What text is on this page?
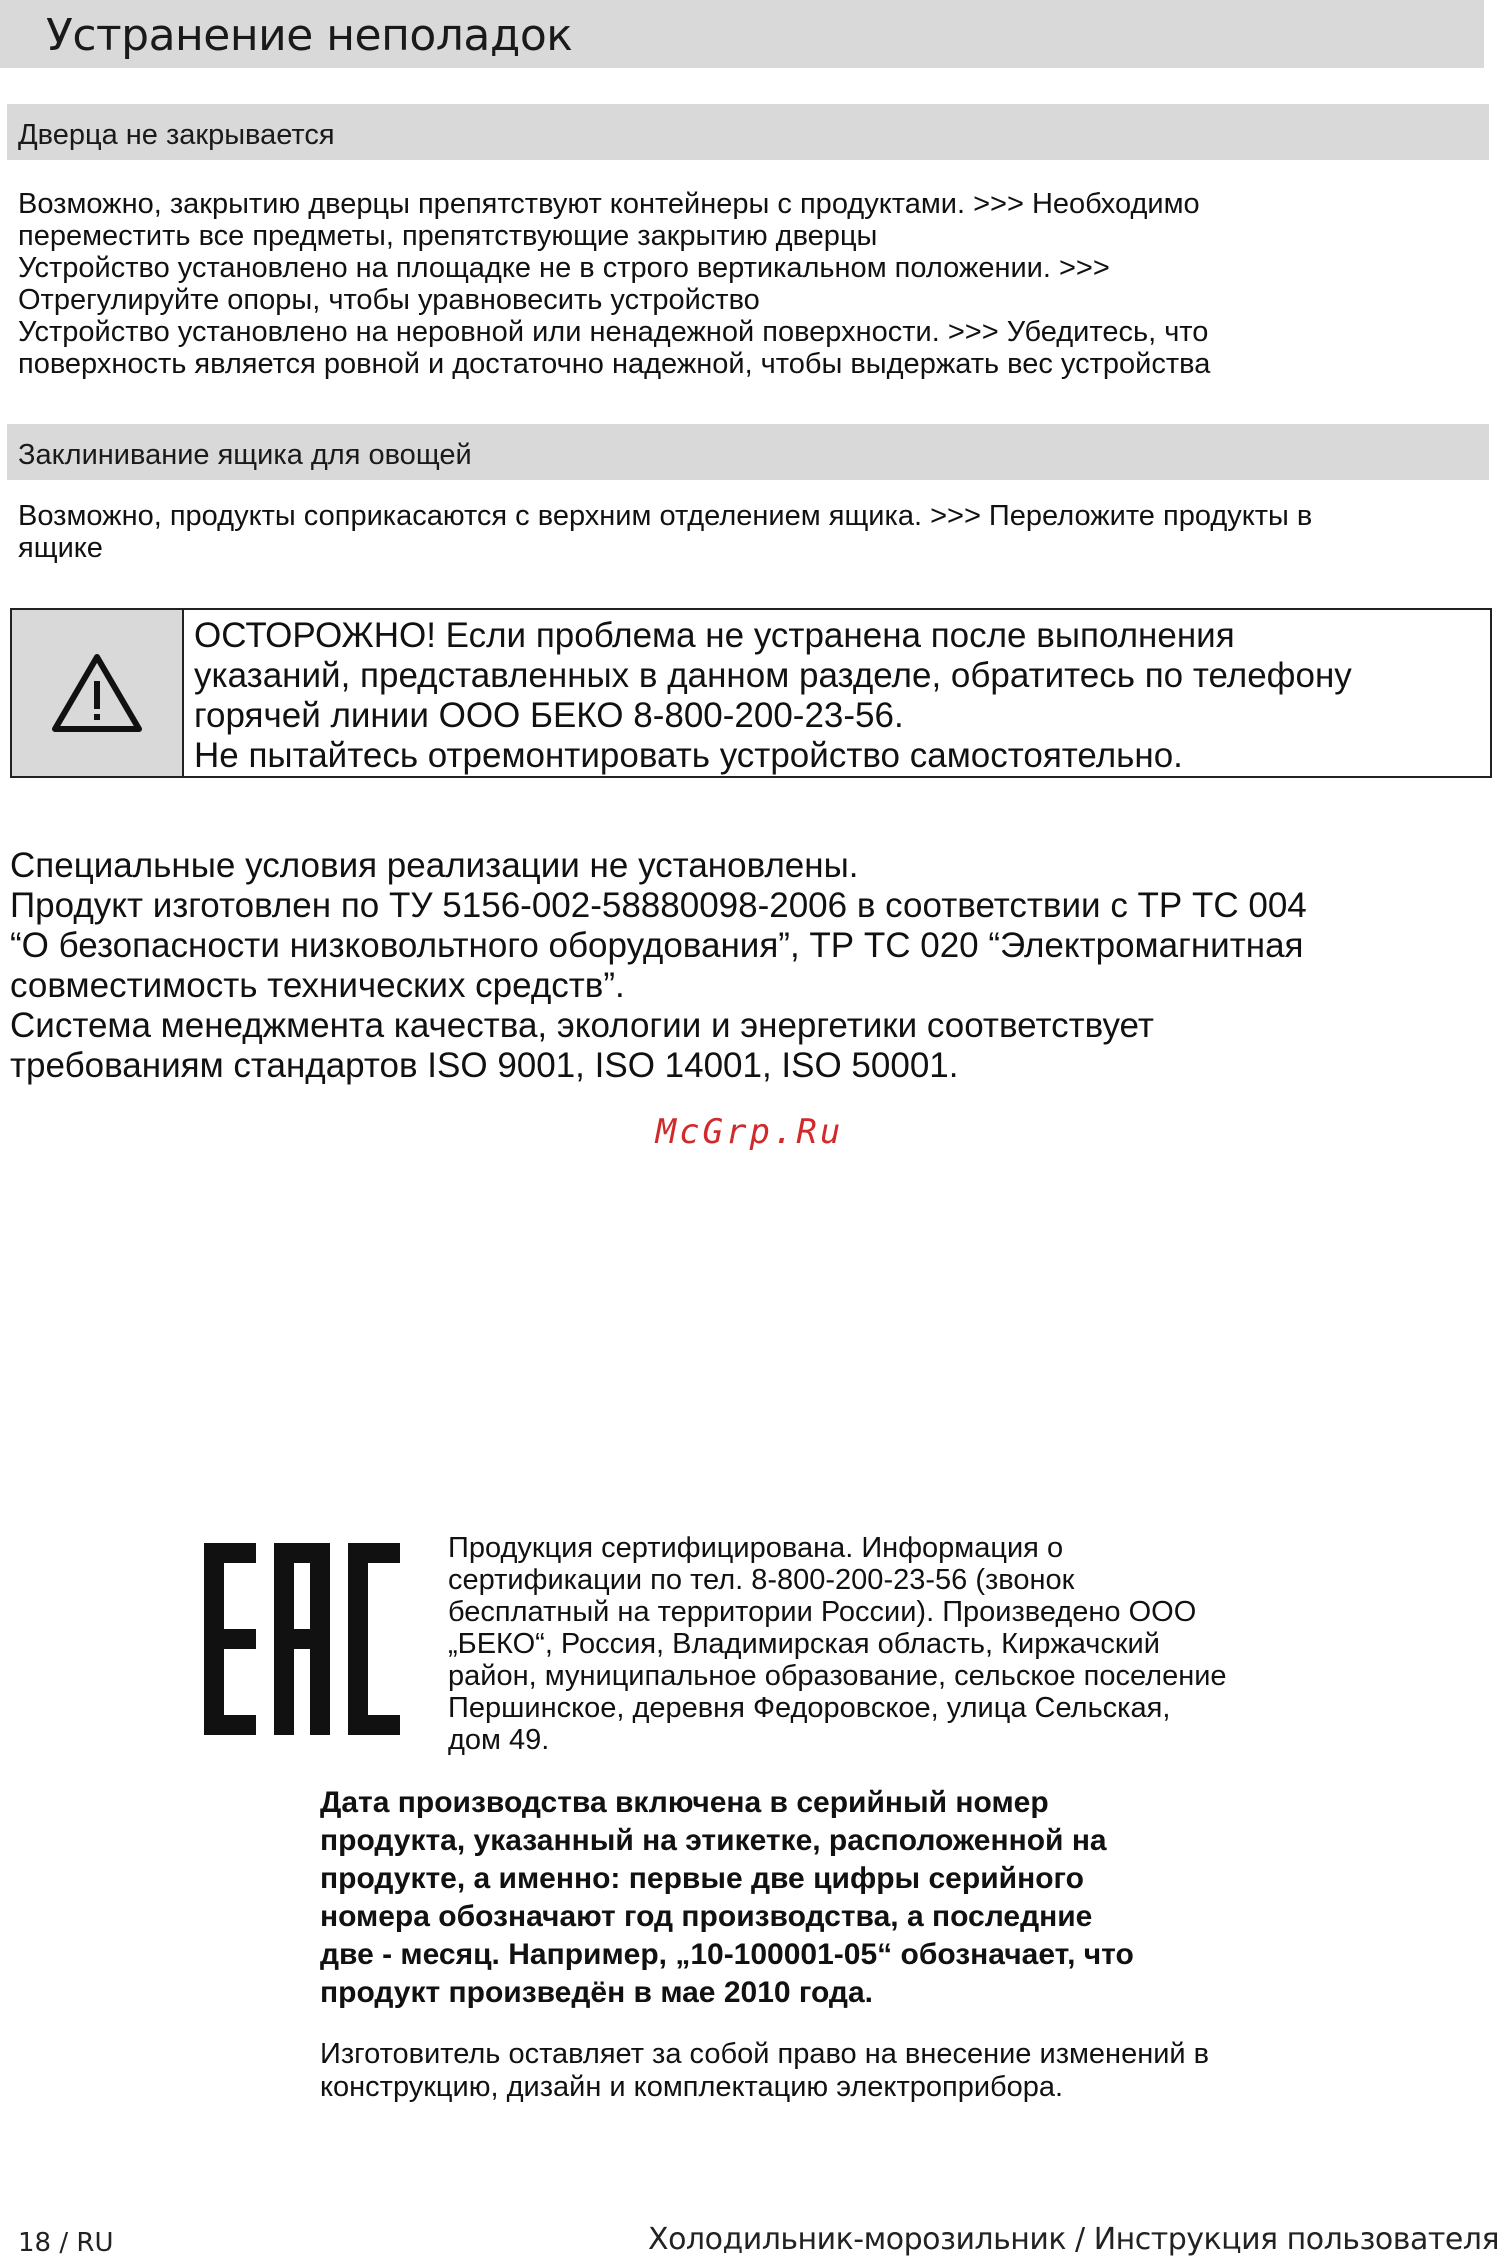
Устранение неполадок
Дверца не закрывается
Возможно, закрытию дверцы препятствуют контейнеры с продуктами. >>> Необходимо
переместить все предметы, препятствующие закрытию дверцы
Устройство установлено на площадке не в строго вертикальном положении. >>>
Отрегулируйте опоры, чтобы уравновесить устройство
Устройство установлено на неровной или ненадежной поверхности. >>> Убедитесь, что
поверхность является ровной и достаточно надежной, чтобы выдержать вес устройства
Заклинивание ящика для овощей
Возможно, продукты соприкасаются с верхним отделением ящика. >>> Переложите продукты в
ящике
ОСТОРОЖНО! Если проблема не устранена после выполнения
указаний, представленных в данном разделе, обратитесь по телефону
горячей линии ООО БЕКО 8-800-200-23-56.
Не пытайтесь отремонтировать устройство самостоятельно.
Специальные условия реализации не установлены.
Продукт изготовлен по ТУ 5156-002-58880098-2006 в соответствии с ТР ТС 004
“О безопасности низковольтного оборудования”, ТР ТС 020 “Электромагнитная
совместимость технических средств”.
Система менеджмента качества, экологии и энергетики соответствует
требованиям стандартов ISO 9001, ISO 14001, ISO 50001.
McGrp.Ru
Продукция сертифицирована. Информация о
сертификации по тел. 8-800-200-23-56 (звонок
бесплатный на территории России). Произведено ООО
„БЕКО“, Россия, Владимирская область, Киржачский
район, муниципальное образование, сельское поселение
Першинское, деревня Федоровское, улица Сельская,
дом 49.
Дата производства включена в серийный номер
продукта, указанный на этикетке, расположенной на
продукте, а именно: первые две цифры серийного
номера обозначают год производства, а последние
две - месяц. Например, „10-100001-05“ обозначает, что
продукт произведён в мае 2010 года.
Изготовитель оставляет за собой право на внесение изменений в
конструкцию, дизайн и комплектацию электроприбора.
18 / RU	Холодильник-морозильник / Инструкция пользователя
